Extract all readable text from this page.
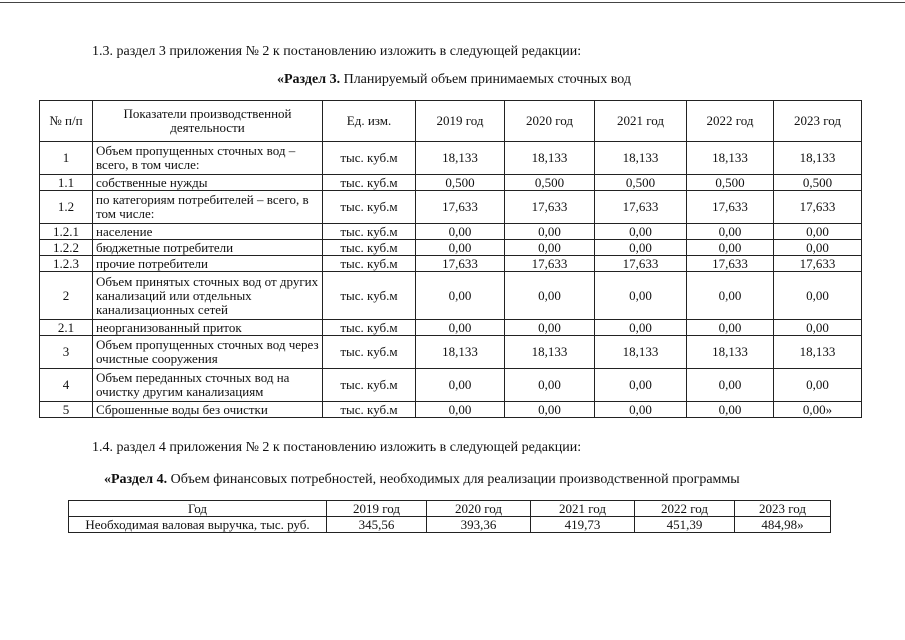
1.3. раздел 3 приложения № 2 к постановлению изложить в следующей редакции:
«Раздел 3. Планируемый объем принимаемых сточных вод
№ п/п	Показатели производственной деятельности	Ед. изм.	2019 год	2020 год	2021 год	2022 год	2023 год
1	Объем пропущенных сточных вод – всего, в том числе:	тыс. куб.м	18,133	18,133	18,133	18,133	18,133
1.1	собственные нужды	тыс. куб.м	0,500	0,500	0,500	0,500	0,500
1.2	по категориям потребителей – всего, в том числе:	тыс. куб.м	17,633	17,633	17,633	17,633	17,633
1.2.1	население	тыс. куб.м	0,00	0,00	0,00	0,00	0,00
1.2.2	бюджетные потребители	тыс. куб.м	0,00	0,00	0,00	0,00	0,00
1.2.3	прочие потребители	тыс. куб.м	17,633	17,633	17,633	17,633	17,633
2	Объем принятых сточных вод от других канализаций или отдельных канализационных сетей	тыс. куб.м	0,00	0,00	0,00	0,00	0,00
2.1	неорганизованный приток	тыс. куб.м	0,00	0,00	0,00	0,00	0,00
3	Объем пропущенных сточных вод через очистные сооружения	тыс. куб.м	18,133	18,133	18,133	18,133	18,133
4	Объем переданных сточных вод на очистку другим канализациям	тыс. куб.м	0,00	0,00	0,00	0,00	0,00
5	Сброшенные воды без очистки	тыс. куб.м	0,00	0,00	0,00	0,00	0,00»
1.4. раздел 4 приложения № 2 к постановлению изложить в следующей редакции:
«Раздел 4. Объем финансовых потребностей, необходимых для реализации производственной программы
Год	2019 год	2020 год	2021 год	2022 год	2023 год
Необходимая валовая выручка, тыс. руб.	345,56	393,36	419,73	451,39	484,98»
